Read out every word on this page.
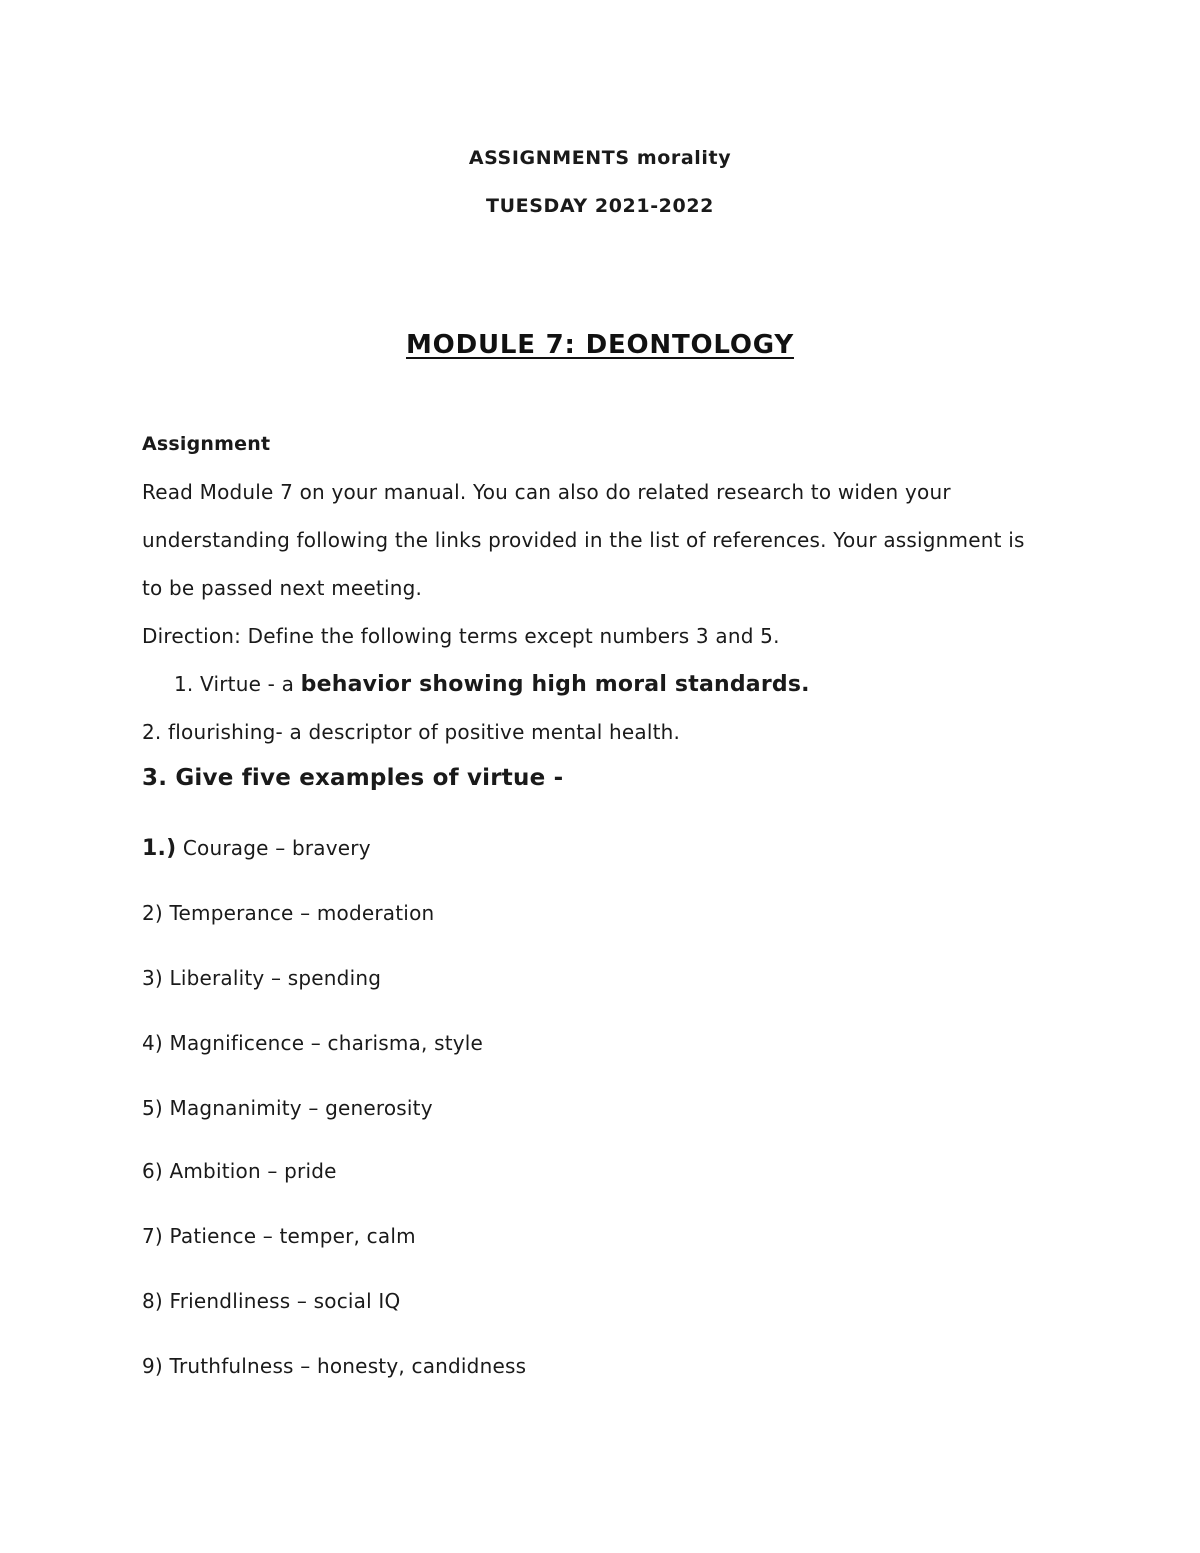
ASSIGNMENTS morality
TUESDAY 2021-2022
MODULE 7: DEONTOLOGY
Assignment
Read Module 7 on your manual. You can also do related research to widen your
understanding following the links provided in the list of references. Your assignment is
to be passed next meeting.
Direction: Define the following terms except numbers 3 and 5.
1. Virtue - a behavior showing high moral standards.
2. flourishing- a descriptor of positive mental health.
3. Give five examples of virtue -
1.) Courage – bravery
2) Temperance – moderation
3) Liberality – spending
4) Magnificence – charisma, style
5) Magnanimity – generosity
6) Ambition – pride
7) Patience – temper, calm
8) Friendliness – social IQ
9) Truthfulness – honesty, candidness
